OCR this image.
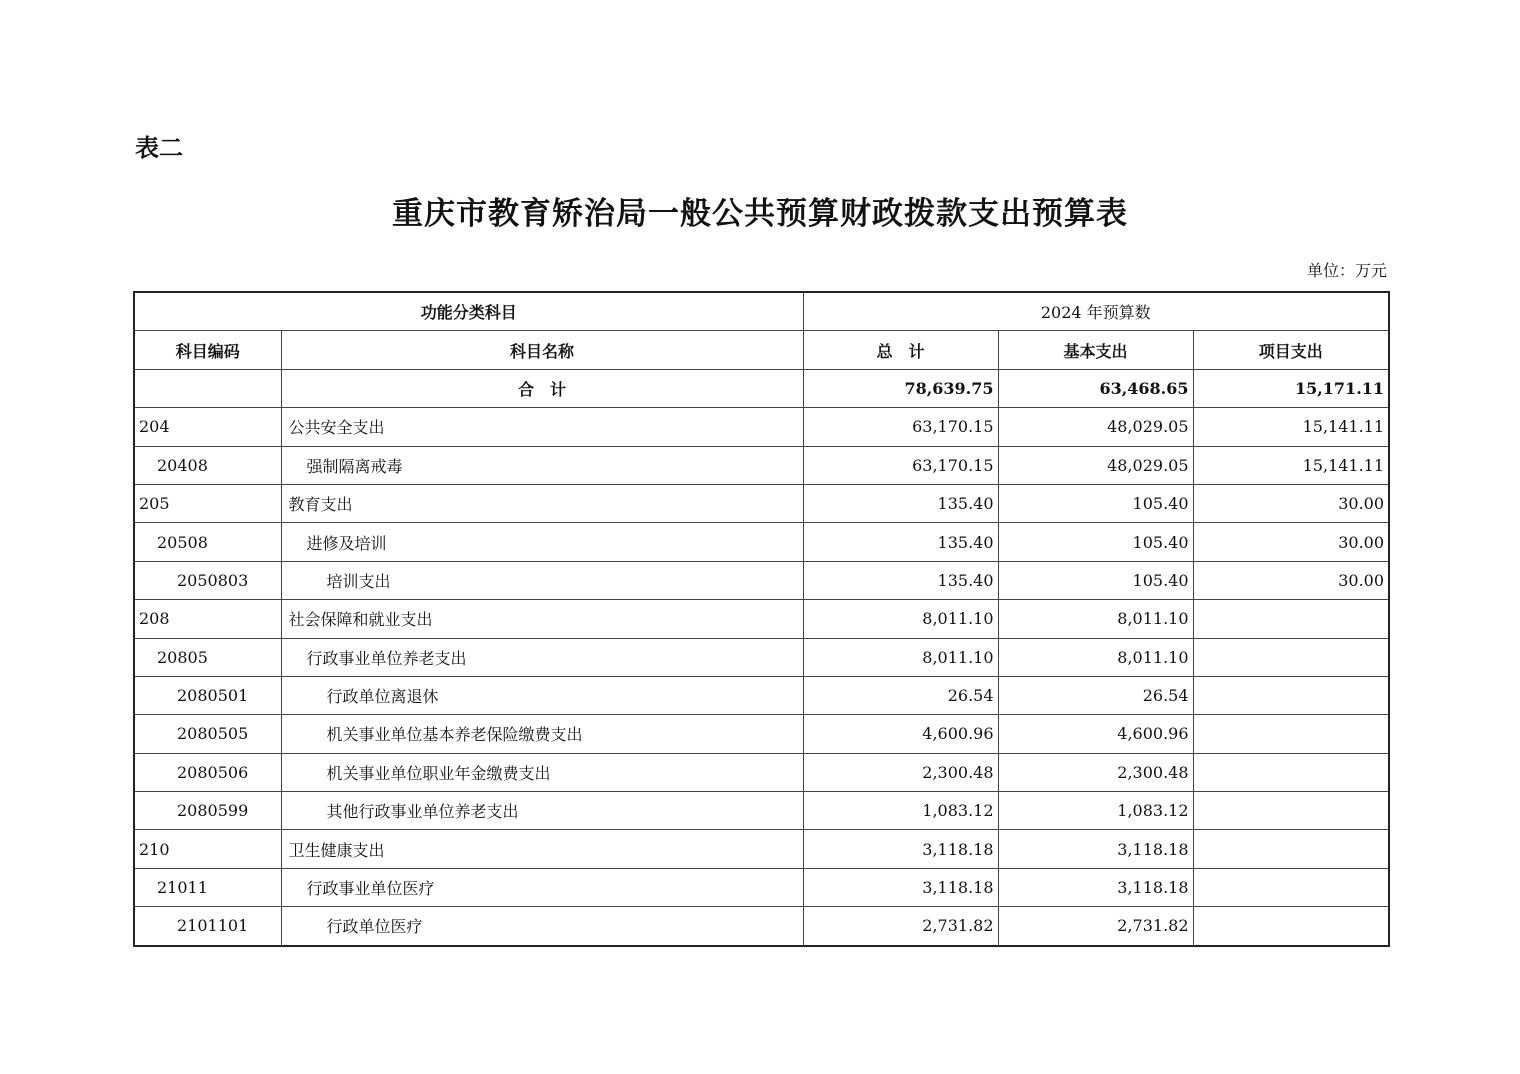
表二
重庆市教育矫治局一般公共预算财政拨款支出预算表
单位：万元
功能分类科目		2024 年预算数		
科目编码	科目名称	总　计	基本支出	项目支出
	合　计	78,639.75	63,468.65	15,171.11
204	公共安全支出	63,170.15	48,029.05	15,141.11
20408	强制隔离戒毒	63,170.15	48,029.05	15,141.11
205	教育支出	135.40	105.40	30.00
20508	进修及培训	135.40	105.40	30.00
2050803	培训支出	135.40	105.40	30.00
208	社会保障和就业支出	8,011.10	8,011.10	
20805	行政事业单位养老支出	8,011.10	8,011.10	
2080501	行政单位离退休	26.54	26.54	
2080505	机关事业单位基本养老保险缴费支出	4,600.96	4,600.96	
2080506	机关事业单位职业年金缴费支出	2,300.48	2,300.48	
2080599	其他行政事业单位养老支出	1,083.12	1,083.12	
210	卫生健康支出	3,118.18	3,118.18	
21011	行政事业单位医疗	3,118.18	3,118.18	
2101101	行政单位医疗	2,731.82	2,731.82	
